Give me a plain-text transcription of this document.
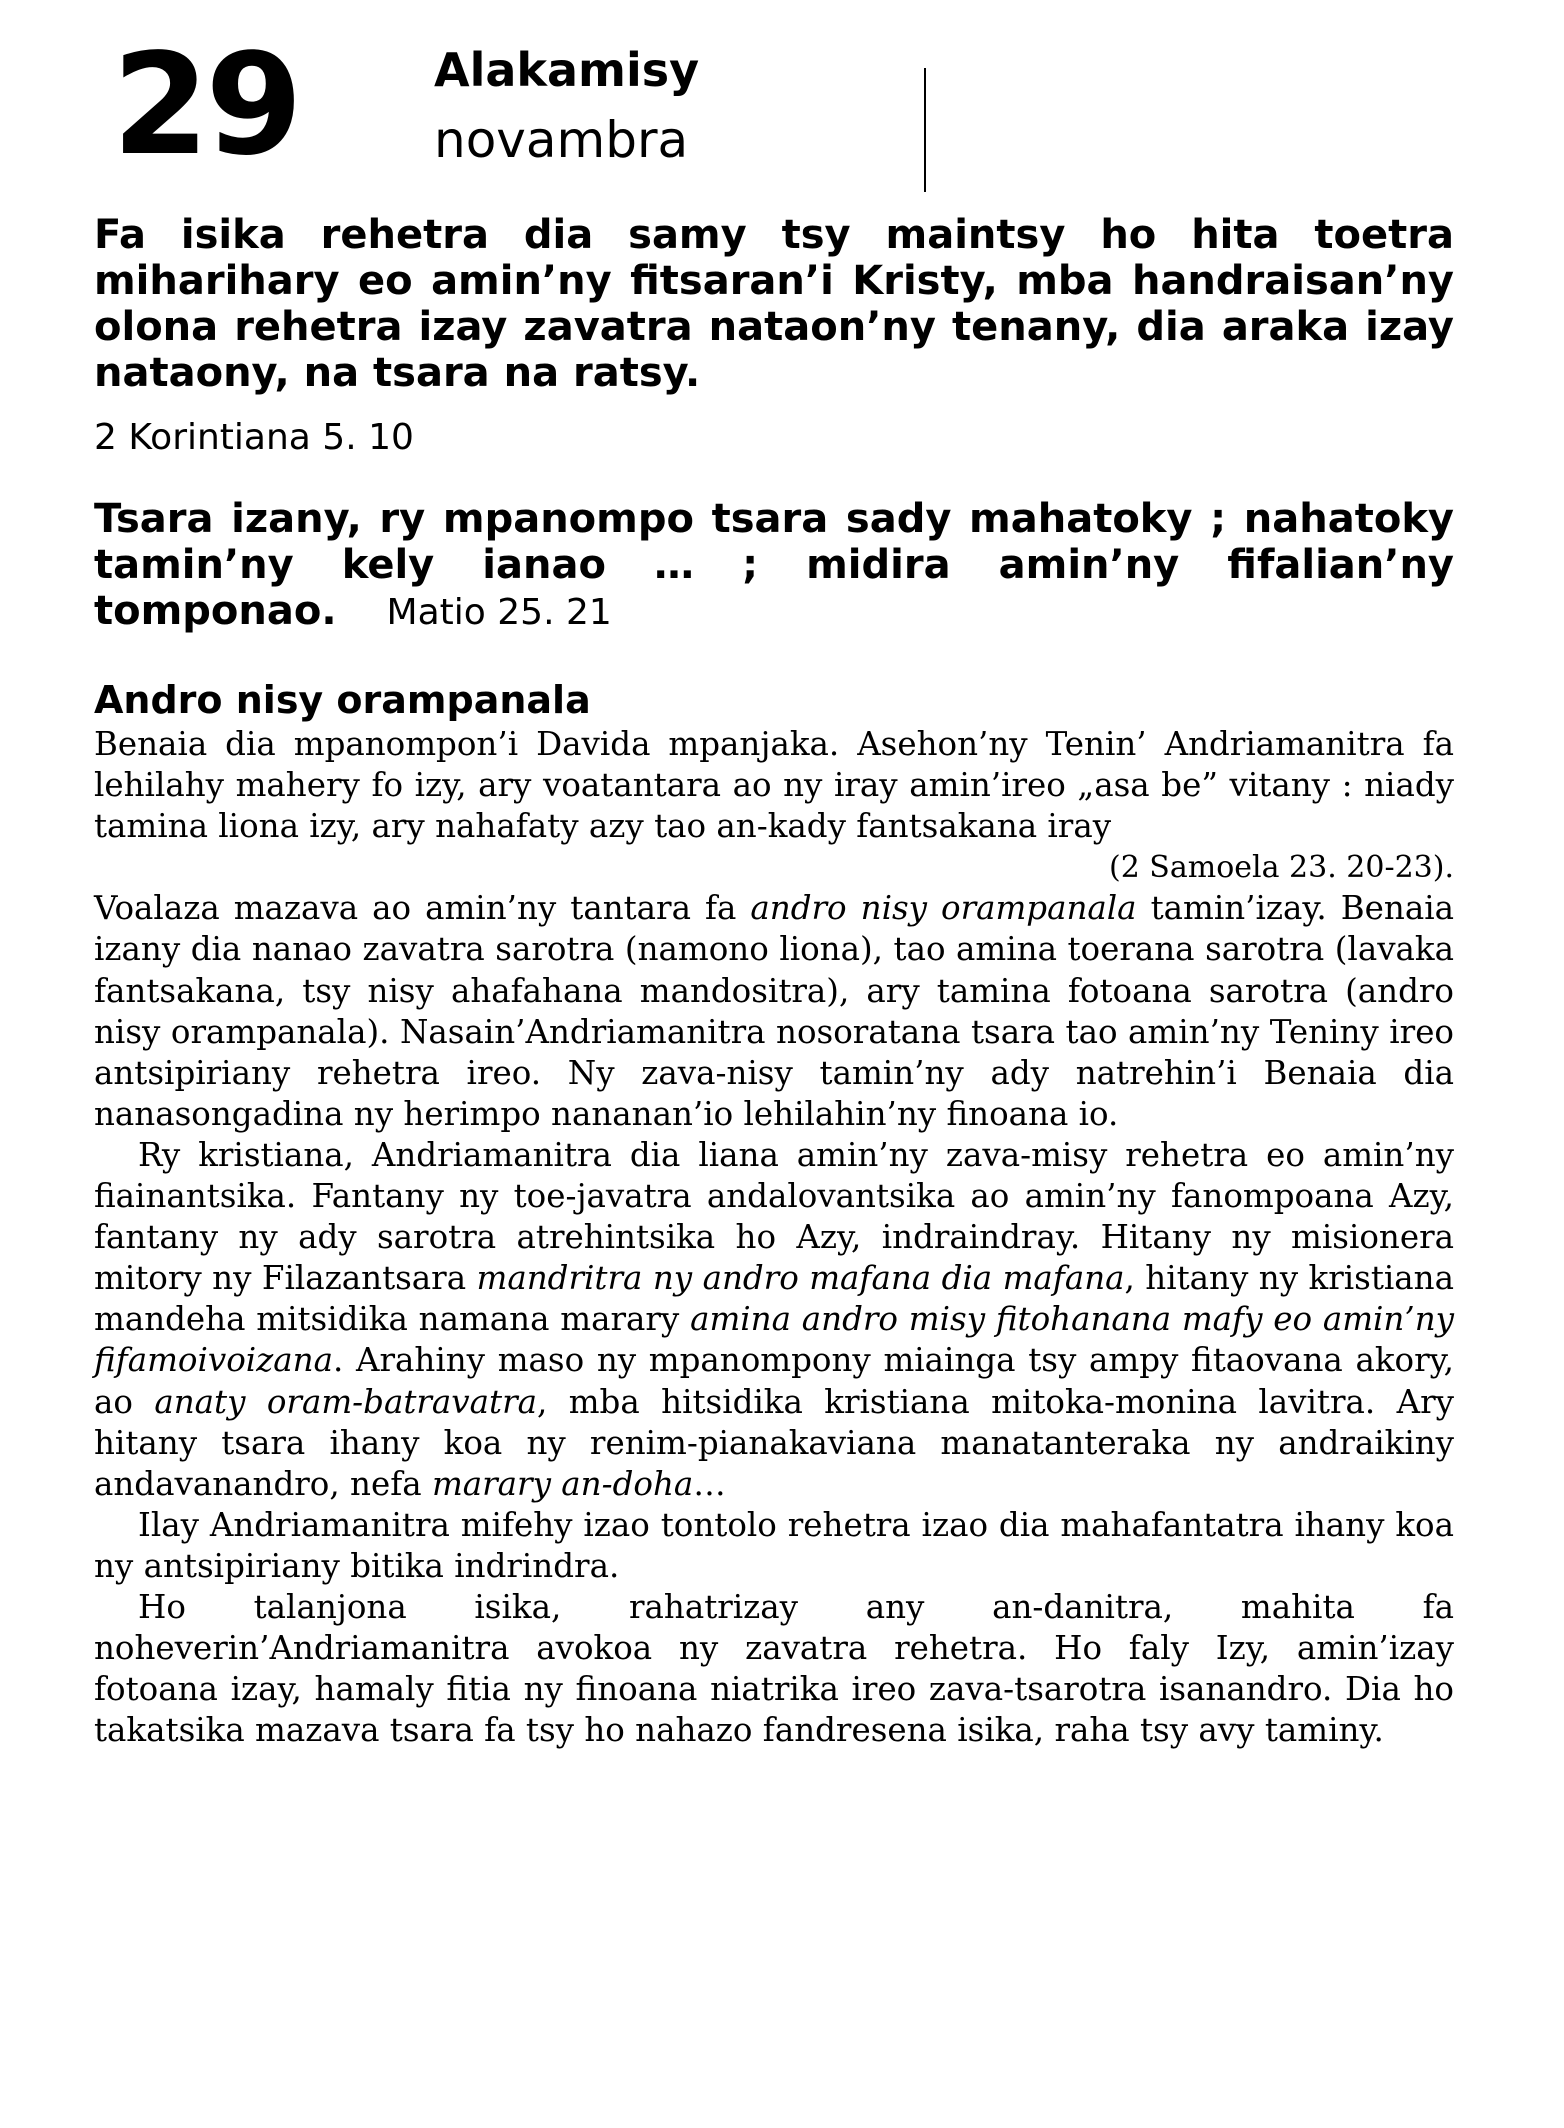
29	Alakamisy
novambra
Fa isika rehetra dia samy tsy maintsy ho hita toetra miharihary eo amin’ny fitsaran’i Kristy, mba handraisan’ny olona rehetra izay zavatra nataon’ny tenany, dia araka izay nataony, na tsara na ratsy.
2 Korintiana 5. 10
Tsara izany, ry mpanompo tsara sady mahatoky ; nahatoky tamin’ny kely ianao … ; midira amin’ny fifalian’ny tomponao. Matio 25. 21
Andro nisy orampanala

Benaia dia mpanompon’i Davida mpanjaka. Asehon’ny Tenin’ Andriamanitra fa lehilahy mahery fo izy, ary voatantara ao ny iray amin’ireo „asa be” vitany : niady tamina liona izy, ary nahafaty azy tao an-kady fantsakana iray
(2 Samoela 23. 20-23).

Voalaza mazava ao amin’ny tantara fa andro nisy orampanala tamin’izay. Benaia izany dia nanao zavatra sarotra (namono liona), tao amina toerana sarotra (lavaka fantsakana, tsy nisy ahafahana mandositra), ary tamina fotoana sarotra (andro nisy orampanala). Nasain’Andriamanitra nosoratana tsara tao amin’ny Teniny ireo antsipiriany rehetra ireo. Ny zava-nisy tamin’ny ady natrehin’i Benaia dia nanasongadina ny herimpo nananan’io lehilahin’ny finoana io.

Ry kristiana, Andriamanitra dia liana amin’ny zava-misy rehetra eo amin’ny fiainantsika. Fantany ny toe-javatra andalovantsika ao amin’ny fanompoana Azy, fantany ny ady sarotra atrehintsika ho Azy, indraindray. Hitany ny misionera mitory ny Filazantsara mandritra ny andro mafana dia mafana, hitany ny kristiana mandeha mitsidika namana marary amina andro misy fitohanana mafy eo amin’ny fifamoivoizana. Arahiny maso ny mpanompony miainga tsy ampy fitaovana akory, ao anaty oram-batravatra, mba hitsidika kristiana mitoka-monina lavitra. Ary hitany tsara ihany koa ny renim-pianakaviana manatanteraka ny andraikiny andavanandro, nefa marary an-doha…

Ilay Andriamanitra mifehy izao tontolo rehetra izao dia mahafantatra ihany koa ny antsipiriany bitika indrindra.

Ho talanjona isika, rahatrizay any an-danitra, mahita fa noheverin’Andriamanitra avokoa ny zavatra rehetra. Ho faly Izy, amin’izay fotoana izay, hamaly fitia ny finoana niatrika ireo zava-tsarotra isanandro. Dia ho takatsika mazava tsara fa tsy ho nahazo fandresena isika, raha tsy avy taminy.
